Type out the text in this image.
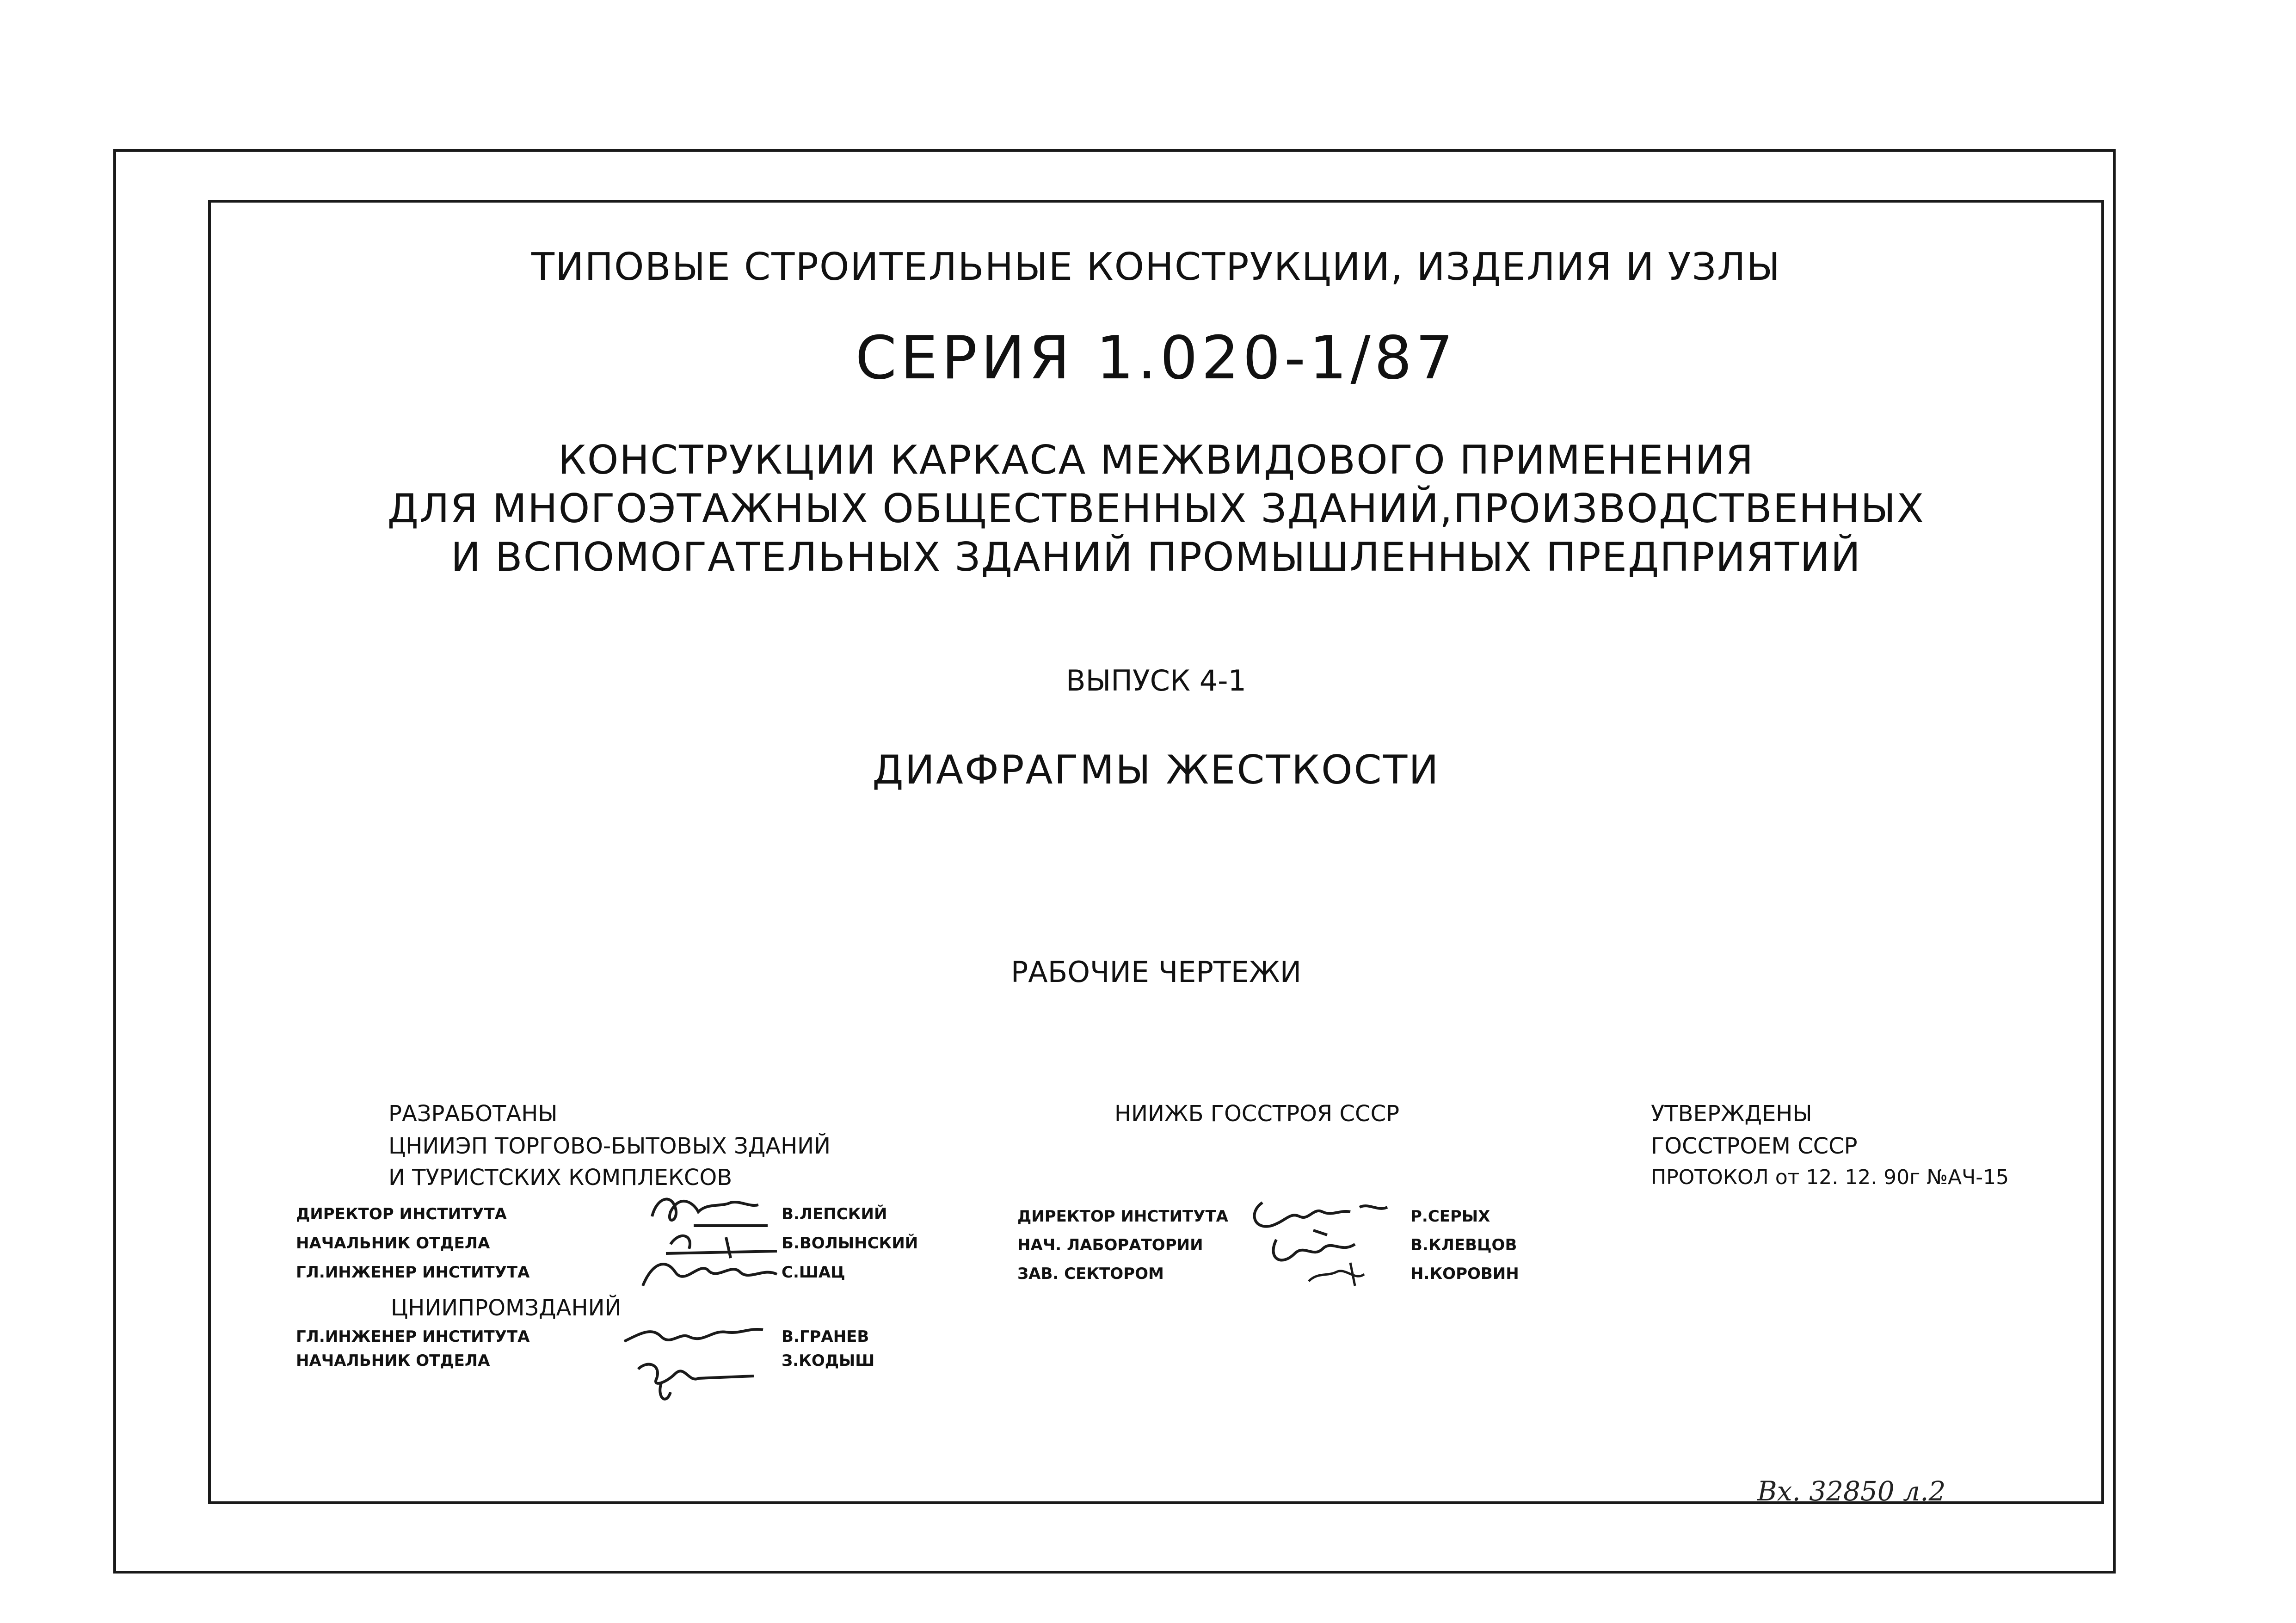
ТИПОВЫЕ СТРОИТЕЛЬНЫЕ КОНСТРУКЦИИ, ИЗДЕЛИЯ И УЗЛЫ
СЕРИЯ 1.020-1/87
КОНСТРУКЦИИ КАРКАСА МЕЖВИДОВОГО ПРИМЕНЕНИЯ
ДЛЯ МНОГОЭТАЖНЫХ ОБЩЕСТВЕННЫХ ЗДАНИЙ,ПРОИЗВОДСТВЕННЫХ
И ВСПОМОГАТЕЛЬНЫХ ЗДАНИЙ ПРОМЫШЛЕННЫХ ПРЕДПРИЯТИЙ
ВЫПУСК 4-1
ДИАФРАГМЫ ЖЕСТКОСТИ
РАБОЧИЕ ЧЕРТЕЖИ
РАЗРАБОТАНЫ
ЦНИИЭП ТОРГОВО-БЫТОВЫХ ЗДАНИЙ
И ТУРИСТСКИХ КОМПЛЕКСОВ
ДИРЕКТОР ИНСТИТУТА	В.ЛЕПСКИЙ
НАЧАЛЬНИК ОТДЕЛА	Б.ВОЛЫНСКИЙ
ГЛ.ИНЖЕНЕР ИНСТИТУТА	С.ШАЦ
ЦНИИПРОМЗДАНИЙ
ГЛ.ИНЖЕНЕР ИНСТИТУТА	В.ГРАНЕВ
НАЧАЛЬНИК ОТДЕЛА	З.КОДЫШ
НИИЖБ ГОССТРОЯ СССР
ДИРЕКТОР ИНСТИТУТА	Р.СЕРЫХ
НАЧ. ЛАБОРАТОРИИ	В.КЛЕВЦОВ
ЗАВ. СЕКТОРОМ	Н.КОРОВИН
УТВЕРЖДЕНЫ
ГОССТРОЕМ СССР
ПРОТОКОЛ от 12. 12. 90г №АЧ-15
Вх. 32850 л.2
